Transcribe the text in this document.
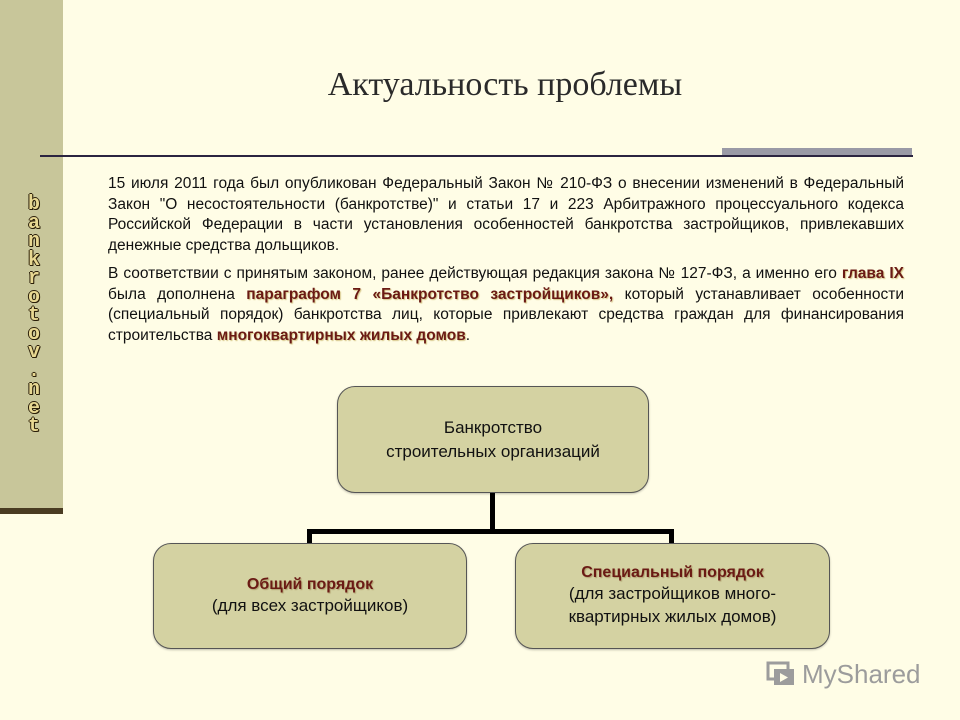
b
a
n
k
r
o
t
o
v
.
n
e
t
Актуальность проблемы

15 июля 2011 года был опубликован Федеральный Закон № 210-ФЗ о внесении изменений в Федеральный Закон "О несостоятельности (банкротстве)" и статьи 17 и 223 Арбитражного процессуального кодекса Российской Федерации в части установления особенностей банкротства застройщиков, привлекавших денежные средства дольщиков.

В соответствии с принятым законом, ранее действующая редакция закона № 127-ФЗ, а именно его глава IX была дополнена параграфом 7 «Банкротство застройщиков», который устанавливает особенности (специальный порядок) банкротства лиц, которые привлекают средства граждан для финансирования строительства многоквартирных жилых домов.

Банкротство
строительных организаций
Общий порядок
(для всех застройщиков)
Специальный порядок
(для застройщиков много-
квартирных жилых домов)
MyShared
